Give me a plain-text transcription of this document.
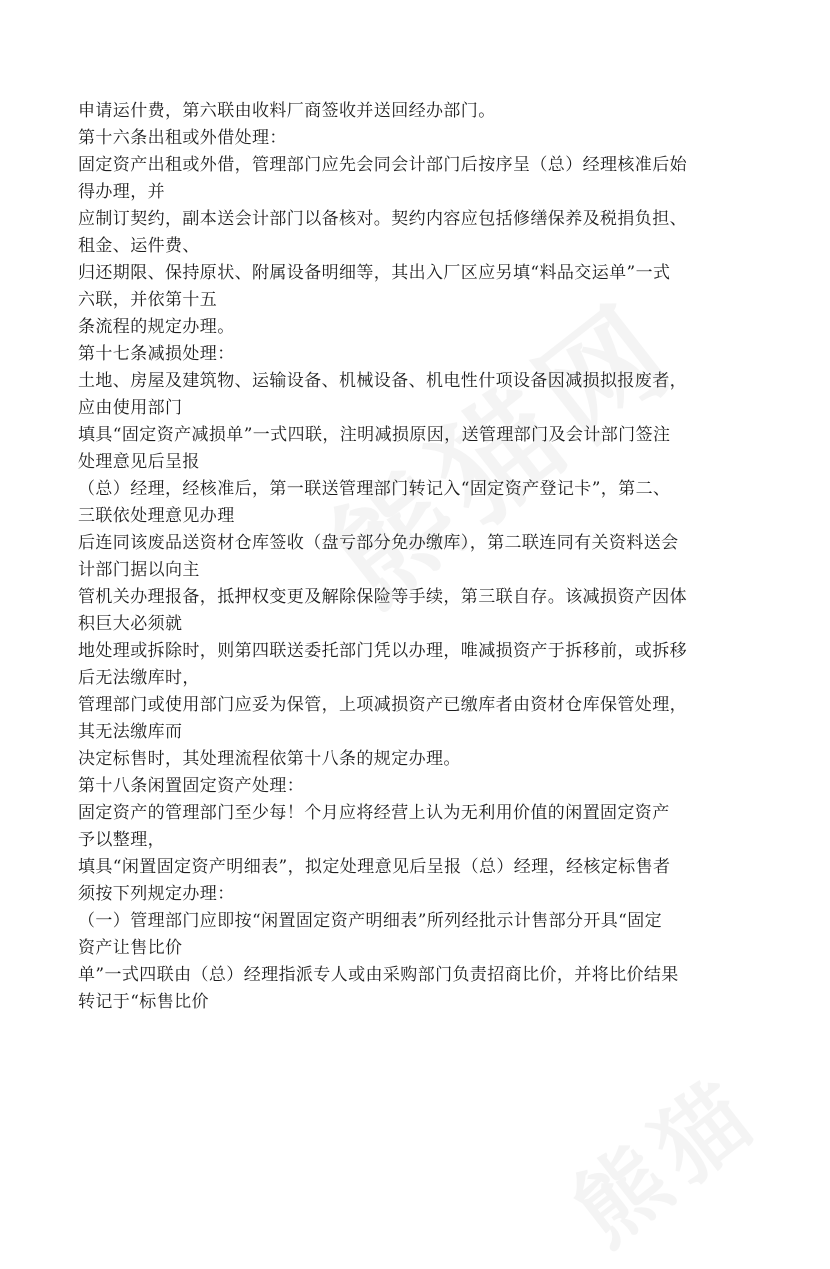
申请运什费，第六联由收料厂商签收并送回经办部门。
第十六条出租或外借处理：
固定资产出租或外借，管理部门应先会同会计部门后按序呈（总）经理核准后始
得办理，并
应制订契约，副本送会计部门以备核对。契约内容应包括修缮保养及税捐负担、
租金、运件费、
归还期限、保持原状、附属设备明细等，其出入厂区应另填“料品交运单”一式
六联，并依第十五
条流程的规定办理。
第十七条减损处理：
土地、房屋及建筑物、运输设备、机械设备、机电性什项设备因减损拟报废者，
应由使用部门
填具“固定资产减损单”一式四联，注明减损原因，送管理部门及会计部门签注
处理意见后呈报
（总）经理，经核准后，第一联送管理部门转记入“固定资产登记卡”，第二、
三联依处理意见办理
后连同该废品送资材仓库签收（盘亏部分免办缴库），第二联连同有关资料送会
计部门据以向主
管机关办理报备，抵押权变更及解除保险等手续，第三联自存。该减损资产因体
积巨大必须就
地处理或拆除时，则第四联送委托部门凭以办理，唯减损资产于拆移前，或拆移
后无法缴库时，
管理部门或使用部门应妥为保管，上项减损资产已缴库者由资材仓库保管处理，
其无法缴库而
决定标售时，其处理流程依第十八条的规定办理。
第十八条闲置固定资产处理：
固定资产的管理部门至少每！个月应将经营上认为无利用价值的闲置固定资产
予以整理，
填具“闲置固定资产明细表”，拟定处理意见后呈报（总）经理，经核定标售者
须按下列规定办理：
（一）管理部门应即按“闲置固定资产明细表”所列经批示计售部分开具“固定
资产让售比价
单”一式四联由（总）经理指派专人或由采购部门负责招商比价，并将比价结果
转记于“标售比价
